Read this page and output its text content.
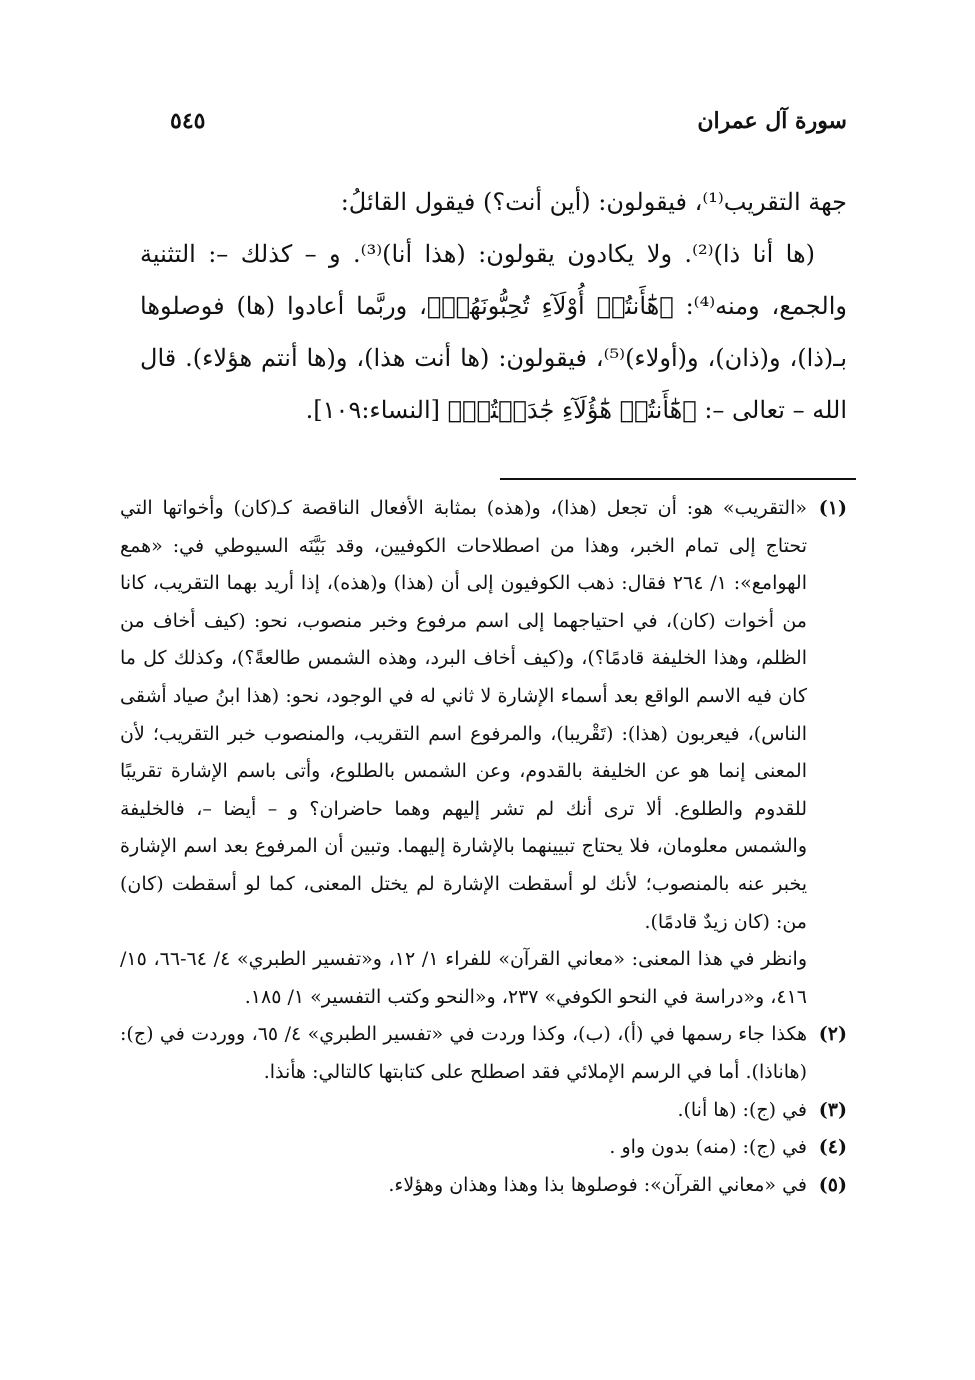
سورة آل عمران
٥٤٥

جهة التقريب⁽¹⁾، فيقولون: (أين أنت؟) فيقول القائلُ:

(ها أنا ذا)⁽²⁾. ولا يكادون يقولون: (هذا أنا)⁽³⁾. و – كذلك –: التثنية والجمع، ومنه⁽⁴⁾: ﴿هَٰٓأَنتُمۡ أُوْلَآءِ تُحِبُّونَهُمۡ﴾، وربَّما أعادوا (ها) فوصلوها بـ(ذا)، و(ذان)، و(أولاء)⁽⁵⁾، فيقولون: (ها أنت هذا)، و(ها أنتم هؤلاء). قال الله – تعالى –: ﴿هَٰٓأَنتُمۡ هَٰٓؤُلَآءِ جَٰدَلۡتُمۡ﴾ [النساء:١٠٩].

(١)

«التقريب» هو: أن تجعل (هذا)، و(هذه) بمثابة الأفعال الناقصة كـ(كان) وأخواتها التي تحتاج إلى تمام الخبر، وهذا من اصطلاحات الكوفيين، وقد بَيَّنَه السيوطي في: «همع الهوامع»: ١/ ٢٦٤ فقال: ذهب الكوفيون إلى أن (هذا) و(هذه)، إذا أريد بهما التقريب، كانا من أخوات (كان)، في احتياجهما إلى اسم مرفوع وخبر منصوب، نحو: (كيف أخاف من الظلم، وهذا الخليفة قادمًا؟)، و(كيف أخاف البرد، وهذه الشمس طالعةً؟)، وكذلك كل ما كان فيه الاسم الواقع بعد أسماء الإشارة لا ثاني له في الوجود، نحو: (هذا ابنُ صياد أشقى الناس)، فيعربون (هذا): (تَقْريبا)، والمرفوع اسم التقريب، والمنصوب خبر التقريب؛ لأن المعنى إنما هو عن الخليفة بالقدوم، وعن الشمس بالطلوع، وأتى باسم الإشارة تقريبًا للقدوم والطلوع. ألا ترى أنك لم تشر إليهم وهما حاضران؟ و – أيضا –، فالخليفة والشمس معلومان، فلا يحتاج تبيينهما بالإشارة إليهما. وتبين أن المرفوع بعد اسم الإشارة يخبر عنه بالمنصوب؛ لأنك لو أسقطت الإشارة لم يختل المعنى، كما لو أسقطت (كان) من: (كان زيدٌ قادمًا).

وانظر في هذا المعنى: «معاني القرآن» للفراء ١/ ١٢، و«تفسير الطبري» ٤/ ٦٤-٦٦، ١٥/ ٤١٦، و«دراسة في النحو الكوفي» ٢٣٧، و«النحو وكتب التفسير» ١/ ١٨٥.

(٢)

هكذا جاء رسمها في (أ)، (ب)، وكذا وردت في «تفسير الطبري» ٤/ ٦٥، ووردت في (ج): (هاناذا). أما في الرسم الإملائي فقد اصطلح على كتابتها كالتالي: هأنذا.

(٣)

في (ج): (ها أنا).

(٤)

في (ج): (منه) بدون واو .

(٥)

في «معاني القرآن»: فوصلوها بذا وهذا وهذان وهؤلاء.
